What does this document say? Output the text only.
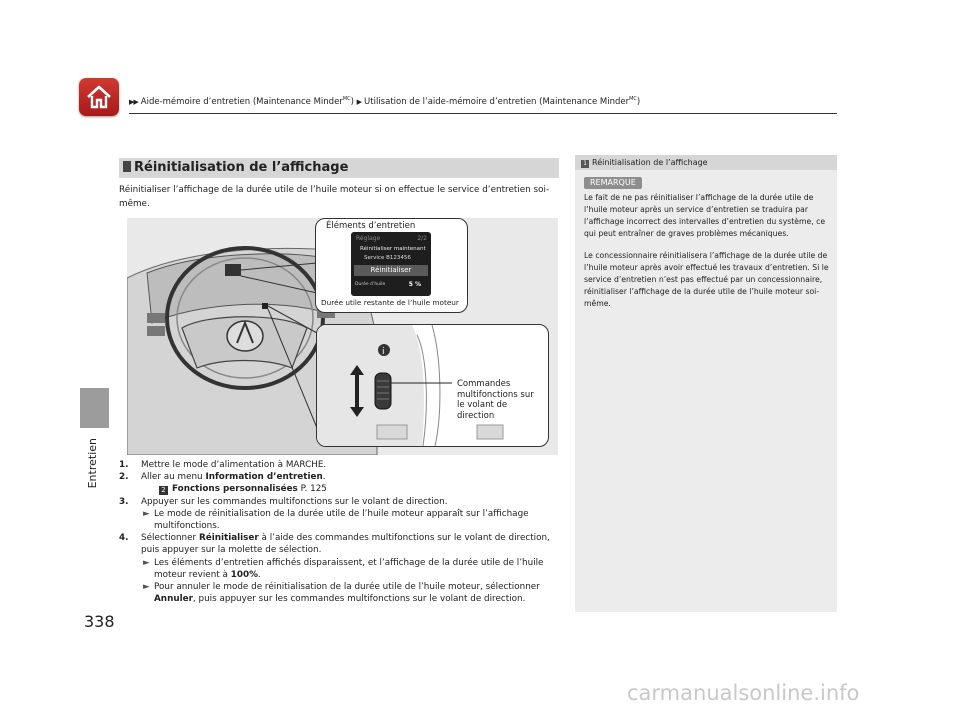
▶▶ Aide-mémoire d’entretien (Maintenance Minder$^{MC}$) ▶ Utilisation de l’aide-mémoire d’entretien (Maintenance Minder$^{MC}$)
Entretien
338
Réinitialisation de l’affichage
Réinitialiser l’affichage de la durée utile de l’huile moteur si on effectue le service d’entretien soi-même.
Éléments d’entretien
Réglage	2/2
Réinitialiser maintenant
Service B123456
Réinitialiser
Durée d’huile	5 %
Durée utile restante de l’huile moteur
i
Commandes multifonctions sur le volant de direction
1. Mettre le mode d’alimentation à MARCHE.
2. Aller au menu Information d’entretien.
2 Fonctions personnalisées P. 125
3. Appuyer sur les commandes multifonctions sur le volant de direction.
► Le mode de réinitialisation de la durée utile de l’huile moteur apparaît sur l’affichage multifonctions.
4. Sélectionner Réinitialiser à l’aide des commandes multifonctions sur le volant de direction, puis appuyer sur la molette de sélection.
► Les éléments d’entretien affichés disparaissent, et l’affichage de la durée utile de l’huile moteur revient à 100%.
► Pour annuler le mode de réinitialisation de la durée utile de l’huile moteur, sélectionner Annuler, puis appuyer sur les commandes multifonctions sur le volant de direction.
1 Réinitialisation de l’affichage
REMARQUE
Le fait de ne pas réinitialiser l’affichage de la durée utile de l’huile moteur après un service d’entretien se traduira par l’affichage incorrect des intervalles d’entretien du système, ce qui peut entraîner de graves problèmes mécaniques.
Le concessionnaire réinitialisera l’affichage de la durée utile de l’huile moteur après avoir effectué les travaux d’entretien. Si le service d’entretien n’est pas effectué par un concessionnaire, réinitialiser l’affichage de la durée utile de l’huile moteur soi-même.
carmanualsonline.info
